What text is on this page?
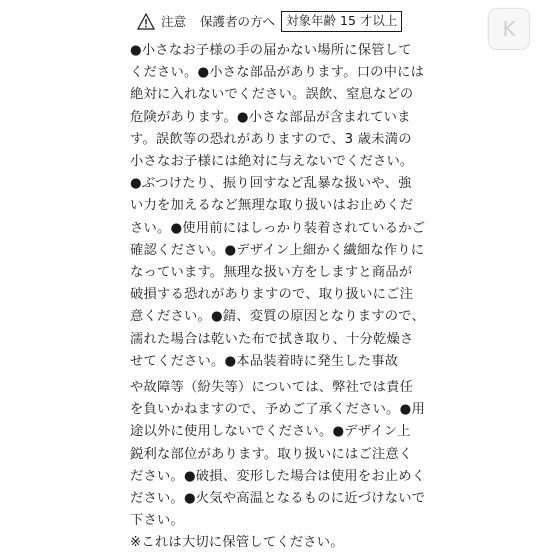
K
注意 保護者の方へ 対象年齢 15 才以上
●小さなお子様の手の届かない場所に保管して
ください。●小さな部品があります。口の中には
絶対に入れないでください。誤飲、窒息などの
危険があります。●小さな部品が含まれていま
す。誤飲等の恐れがありますので、3 歳未満の
小さなお子様には絶対に与えないでください。
●ぶつけたり、振り回すなど乱暴な扱いや、強
い力を加えるなど無理な取り扱いはお止めくだ
さい。●使用前にはしっかり装着されているかご
確認ください。●デザイン上細かく繊細な作りに
なっています。無理な扱い方をしますと商品が
破損する恐れがありますので、取り扱いにご注
意ください。●錆、変質の原因となりますので、
濡れた場合は乾いた布で拭き取り、十分乾燥さ
せてください。●本品装着時に発生した事故
や故障等（紛失等）については、弊社では責任
を負いかねますので、予めご了承ください。●用
途以外に使用しないでください。●デザイン上
鋭利な部位があります。取り扱いにはご注意く
ださい。●破損、変形した場合は使用をお止めく
ださい。●火気や高温となるものに近づけないで
下さい。
※これは大切に保管してください。
